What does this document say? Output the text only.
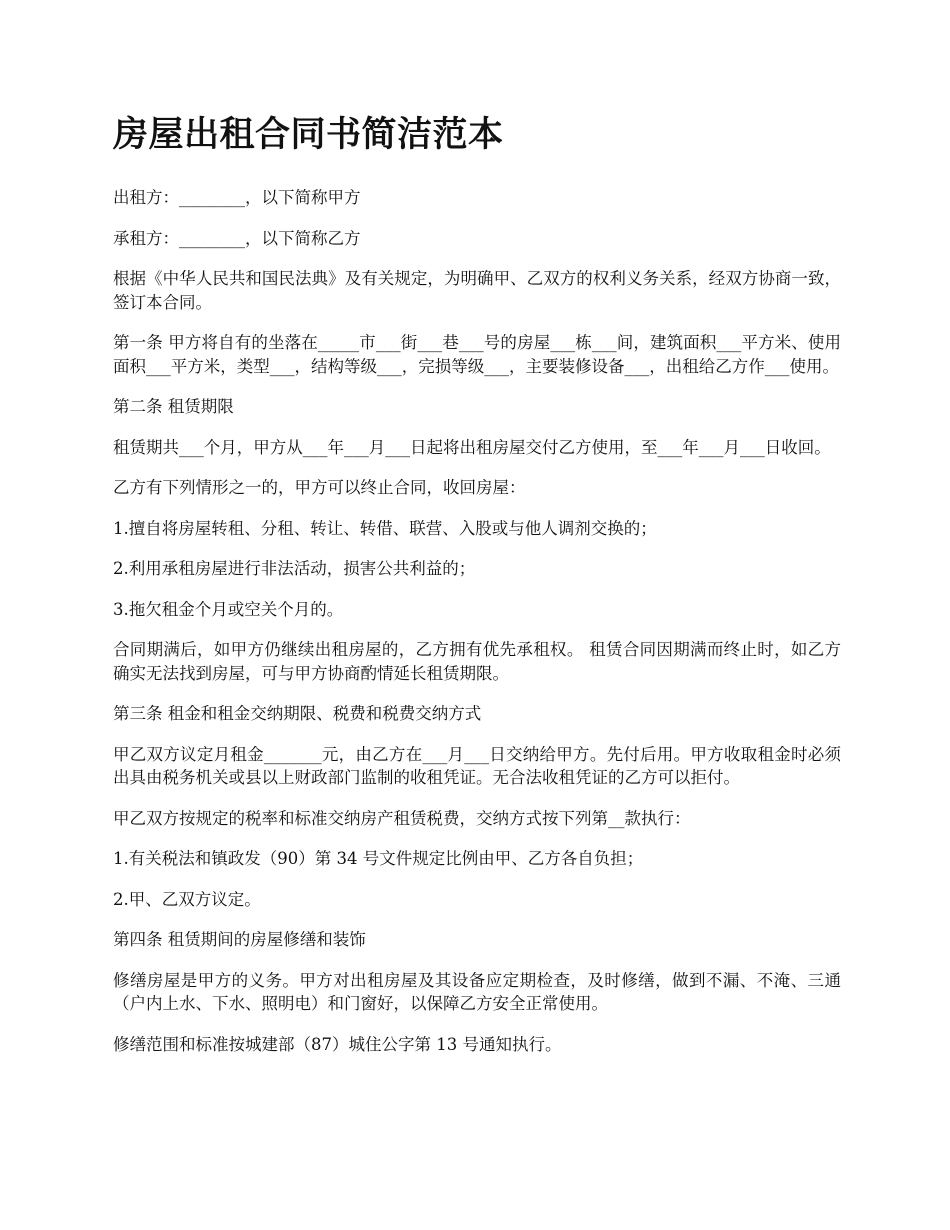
房屋出租合同书简洁范本

出租方：________，以下简称甲方

承租方：________，以下简称乙方

根据《中华人民共和国民法典》及有关规定，为明确甲、乙双方的权利义务关系，经双方协商一致，签订本合同。

第一条 甲方将自有的坐落在_____市___街___巷___号的房屋___栋___间，建筑面积___平方米、使用面积___平方米，类型___，结构等级___，完损等级___，主要装修设备___，出租给乙方作___使用。

第二条 租赁期限

租赁期共___个月，甲方从___年___月___日起将出租房屋交付乙方使用，至___年___月___日收回。

乙方有下列情形之一的，甲方可以终止合同，收回房屋：

1.擅自将房屋转租、分租、转让、转借、联营、入股或与他人调剂交换的；

2.利用承租房屋进行非法活动，损害公共利益的；

3.拖欠租金个月或空关个月的。

合同期满后，如甲方仍继续出租房屋的，乙方拥有优先承租权。 租赁合同因期满而终止时，如乙方确实无法找到房屋，可与甲方协商酌情延长租赁期限。

第三条 租金和租金交纳期限、税费和税费交纳方式

甲乙双方议定月租金_______元，由乙方在___月___日交纳给甲方。先付后用。甲方收取租金时必须出具由税务机关或县以上财政部门监制的收租凭证。无合法收租凭证的乙方可以拒付。

甲乙双方按规定的税率和标准交纳房产租赁税费，交纳方式按下列第__款执行：

1.有关税法和镇政发（90）第 34 号文件规定比例由甲、乙方各自负担；

2.甲、乙双方议定。

第四条 租赁期间的房屋修缮和装饰

修缮房屋是甲方的义务。甲方对出租房屋及其设备应定期检查，及时修缮，做到不漏、不淹、三通（户内上水、下水、照明电）和门窗好，以保障乙方安全正常使用。

修缮范围和标准按城建部（87）城住公字第 13 号通知执行。
